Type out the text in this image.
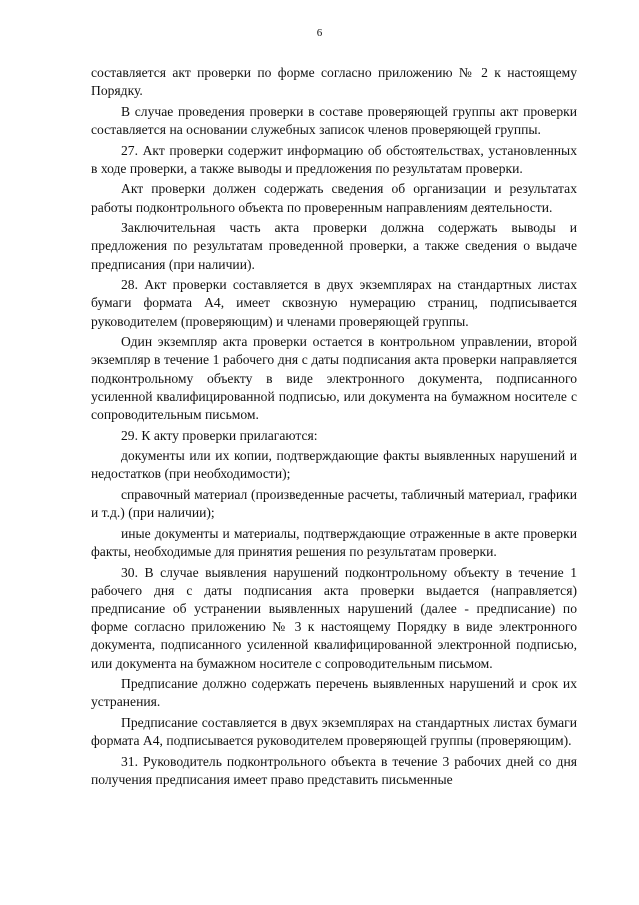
6

составляется акт проверки по форме согласно приложению № 2 к настоящему Порядку.

В случае проведения проверки в составе проверяющей группы акт проверки составляется на основании служебных записок членов проверяющей группы.

27. Акт проверки содержит информацию об обстоятельствах, установленных в ходе проверки, а также выводы и предложения по результатам проверки.

Акт проверки должен содержать сведения об организации и результатах работы подконтрольного объекта по проверенным направлениям деятельности.

Заключительная часть акта проверки должна содержать выводы и предложения по результатам проведенной проверки, а также сведения о выдаче предписания (при наличии).

28. Акт проверки составляется в двух экземплярах на стандартных листах бумаги формата А4, имеет сквозную нумерацию страниц, подписывается руководителем (проверяющим) и членами проверяющей группы.

Один экземпляр акта проверки остается в контрольном управлении, второй экземпляр в течение 1 рабочего дня с даты подписания акта проверки направляется подконтрольному объекту в виде электронного документа, подписанного усиленной квалифицированной подписью, или документа на бумажном носителе с сопроводительным письмом.

29. К акту проверки прилагаются:

документы или их копии, подтверждающие факты выявленных нарушений и недостатков (при необходимости);

справочный материал (произведенные расчеты, табличный материал, графики и т.д.) (при наличии);

иные документы и материалы, подтверждающие отраженные в акте проверки факты, необходимые для принятия решения по результатам проверки.

30. В случае выявления нарушений подконтрольному объекту в течение 1 рабочего дня с даты подписания акта проверки выдается (направляется) предписание об устранении выявленных нарушений (далее - предписание) по форме согласно приложению № 3 к настоящему Порядку в виде электронного документа, подписанного усиленной квалифицированной электронной подписью, или документа на бумажном носителе с сопроводительным письмом.

Предписание должно содержать перечень выявленных нарушений и срок их устранения.

Предписание составляется в двух экземплярах на стандартных листах бумаги формата А4, подписывается руководителем проверяющей группы (проверяющим).

31. Руководитель подконтрольного объекта в течение 3 рабочих дней со дня получения предписания имеет право представить письменные
